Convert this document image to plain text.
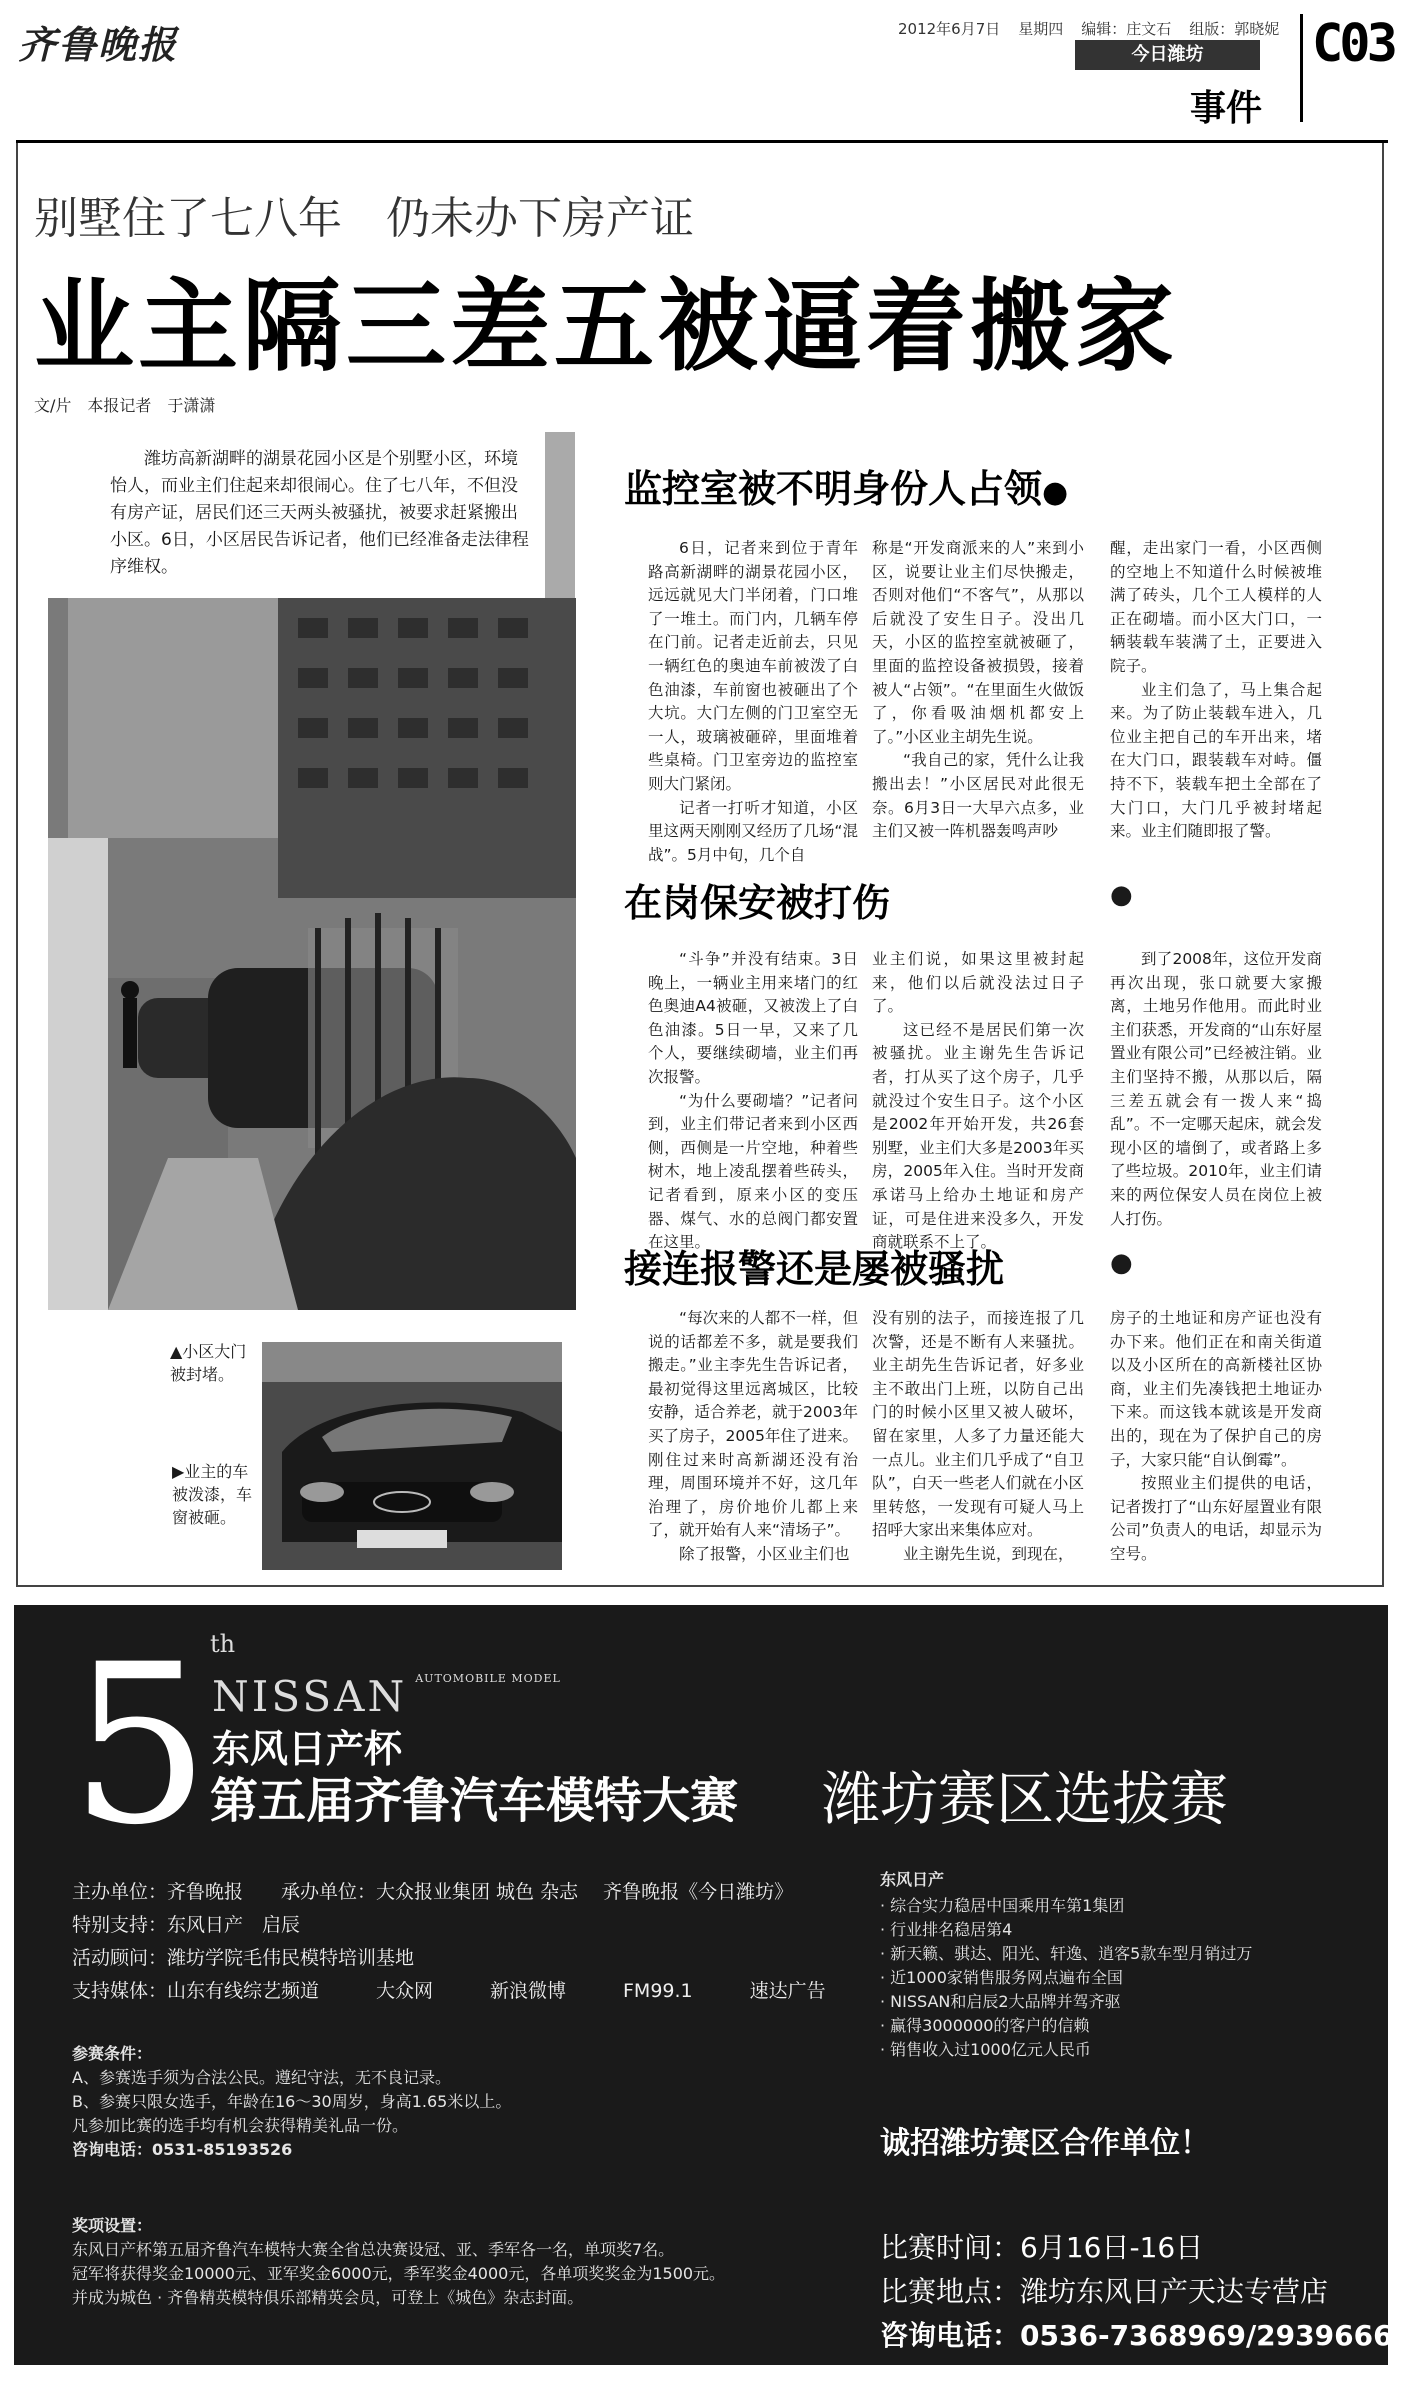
齐鲁晚报	2012年6月7日 星期四 编辑：庄文石 组版：郭晓妮
今日潍坊
事件
C03
别墅住了七八年　仍未办下房产证
业主隔三差五被逼着搬家
文/片　本报记者　于潇潇
潍坊高新湖畔的湖景花园小区是个别墅小区，环境怡人，而业主们住起来却很闹心。住了七八年，不但没有房产证，居民们还三天两头被骚扰，被要求赶紧搬出小区。6日，小区居民告诉记者，他们已经准备走法律程序维权。
▲小区大门被封堵。
▶业主的车被泼漆，车窗被砸。
监控室被不明身份人占领●

6日，记者来到位于青年路高新湖畔的湖景花园小区，远远就见大门半闭着，门口堆了一堆土。而门内，几辆车停在门前。记者走近前去，只见一辆红色的奥迪车前被泼了白色油漆，车前窗也被砸出了个大坑。大门左侧的门卫室空无一人，玻璃被砸碎，里面堆着些桌椅。门卫室旁边的监控室则大门紧闭。

记者一打听才知道，小区里这两天刚刚又经历了几场“混战”。5月中旬，几个自

称是“开发商派来的人”来到小区，说要让业主们尽快搬走，否则对他们“不客气”，从那以后就没了安生日子。没出几天，小区的监控室就被砸了，里面的监控设备被损毁，接着被人“占领”。“在里面生火做饭了，你看吸油烟机都安上了。”小区业主胡先生说。

“我自己的家，凭什么让我搬出去！”小区居民对此很无奈。6月3日一大早六点多，业主们又被一阵机器轰鸣声吵

醒，走出家门一看，小区西侧的空地上不知道什么时候被堆满了砖头，几个工人模样的人正在砌墙。而小区大门口，一辆装载车装满了土，正要进入院子。

业主们急了，马上集合起来。为了防止装载车进入，几位业主把自己的车开出来，堵在大门口，跟装载车对峙。僵持不下，装载车把土全部在了大门口，大门几乎被封堵起来。业主们随即报了警。

在岗保安被打伤	●

“斗争”并没有结束。3日晚上，一辆业主用来堵门的红色奥迪A4被砸，又被泼上了白色油漆。5日一早，又来了几个人，要继续砌墙，业主们再次报警。

“为什么要砌墙？”记者问到，业主们带记者来到小区西侧，西侧是一片空地，种着些树木，地上凌乱摆着些砖头，记者看到，原来小区的变压器、煤气、水的总阀门都安置在这里。

业主们说，如果这里被封起来，他们以后就没法过日子了。

这已经不是居民们第一次被骚扰。业主谢先生告诉记者，打从买了这个房子，几乎就没过个安生日子。这个小区是2002年开始开发，共26套别墅，业主们大多是2003年买房，2005年入住。当时开发商承诺马上给办土地证和房产证，可是住进来没多久，开发商就联系不上了。

到了2008年，这位开发商再次出现，张口就要大家搬离，土地另作他用。而此时业主们获悉，开发商的“山东好屋置业有限公司”已经被注销。业主们坚持不搬，从那以后，隔三差五就会有一拨人来“捣乱”。不一定哪天起床，就会发现小区的墙倒了，或者路上多了些垃圾。2010年，业主们请来的两位保安人员在岗位上被人打伤。

接连报警还是屡被骚扰	●

“每次来的人都不一样，但说的话都差不多，就是要我们搬走。”业主李先生告诉记者，最初觉得这里远离城区，比较安静，适合养老，就于2003年买了房子，2005年住了进来。刚住过来时高新湖还没有治理，周围环境并不好，这几年治理了，房价地价儿都上来了，就开始有人来“清场子”。

除了报警，小区业主们也

没有别的法子，而接连报了几次警，还是不断有人来骚扰。业主胡先生告诉记者，好多业主不敢出门上班，以防自己出门的时候小区里又被人破坏，留在家里，人多了力量还能大一点儿。业主们几乎成了“自卫队”，白天一些老人们就在小区里转悠，一发现有可疑人马上招呼大家出来集体应对。

业主谢先生说，到现在，

房子的土地证和房产证也没有办下来。他们正在和南关街道以及小区所在的高新楼社区协商，业主们先凑钱把土地证办下来。而这钱本就该是开发商出的，现在为了保护自己的房子，大家只能“自认倒霉”。

按照业主们提供的电话，记者拨打了“山东好屋置业有限公司”负责人的电话，却显示为空号。

5 th
NISSAN $^{AUTOMOBILE MODEL}$
东风日产杯
第五届齐鲁汽车模特大赛 潍坊赛区选拔赛
主办单位：齐鲁晚报　　承办单位：大众报业集团 城色 杂志　 齐鲁晚报《今日潍坊》
特别支持：东风日产　启辰
活动顾问：潍坊学院毛伟民模特培训基地
支持媒体：山东有线综艺频道　　　大众网　　　新浪微博　　　FM99.1　　　速达广告
参赛条件：
A、参赛选手须为合法公民。遵纪守法，无不良记录。
B、参赛只限女选手，年龄在16～30周岁，身高1.65米以上。
凡参加比赛的选手均有机会获得精美礼品一份。
咨询电话：0531-85193526
奖项设置：
东风日产杯第五届齐鲁汽车模特大赛全省总决赛设冠、亚、季军各一名，单项奖7名。
冠军将获得奖金10000元、亚军奖金6000元，季军奖金4000元，各单项奖奖金为1500元。
并成为城色 · 齐鲁精英模特俱乐部精英会员，可登上《城色》杂志封面。
东风日产
· 综合实力稳居中国乘用车第1集团
· 行业排名稳居第4
· 新天籁、骐达、阳光、轩逸、逍客5款车型月销过万
· 近1000家销售服务网点遍布全国
· NISSAN和启辰2大品牌并驾齐驱
· 赢得3000000的客户的信赖
· 销售收入过1000亿元人民币
诚招潍坊赛区合作单位！
比赛时间：6月16日-16日
比赛地点：潍坊东风日产天达专营店
咨询电话：0536-7368969/2939666
